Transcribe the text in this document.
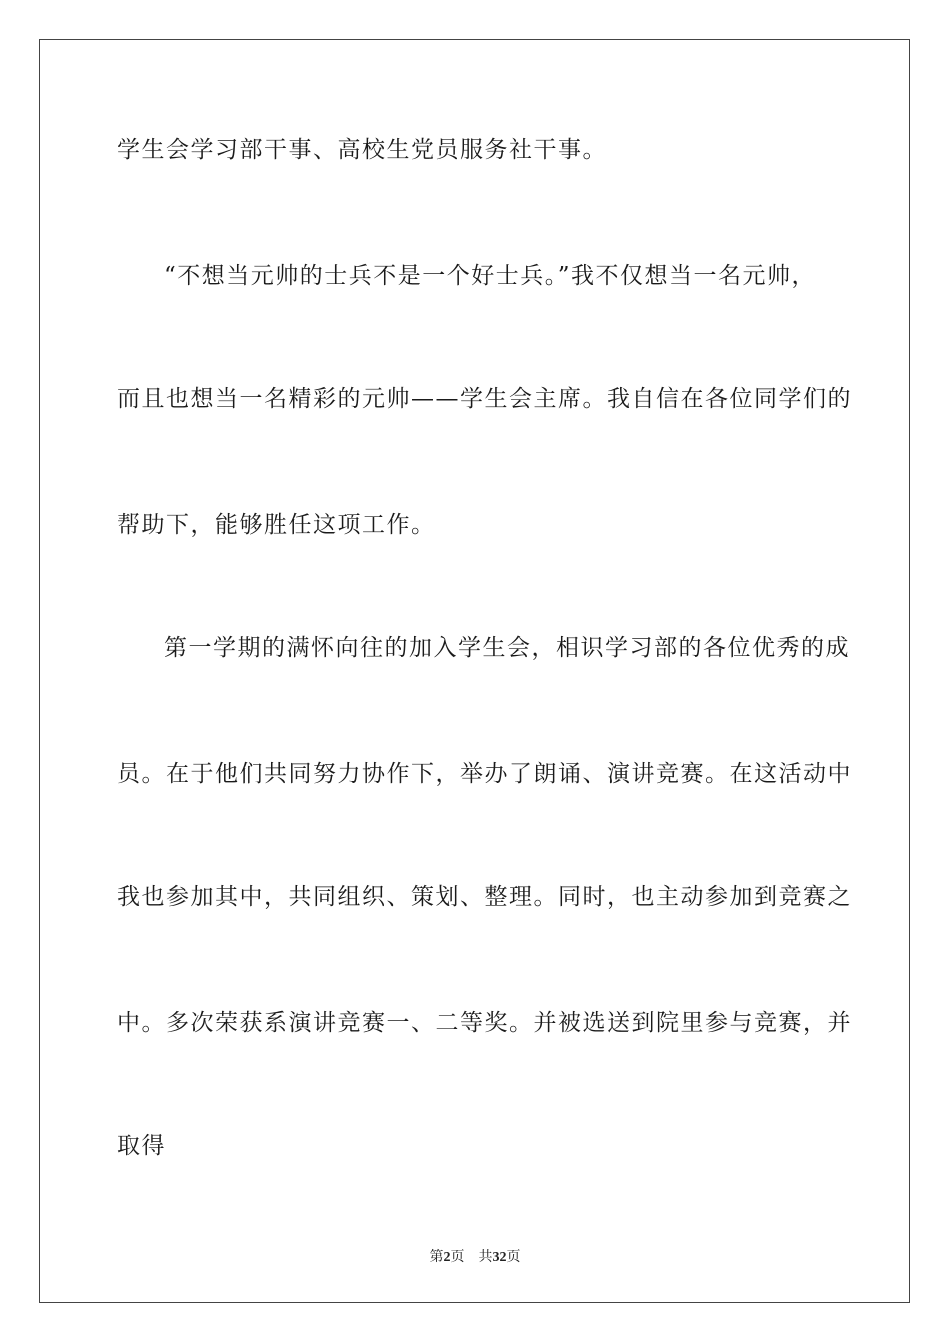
学生会学习部干事、高校生党员服务社干事。
“不想当元帅的士兵不是一个好士兵。”我不仅想当一名元帅，
而且也想当一名精彩的元帅——学生会主席。我自信在各位同学们的
帮助下，能够胜任这项工作。
第一学期的满怀向往的加入学生会，相识学习部的各位优秀的成
员。在于他们共同努力协作下，举办了朗诵、演讲竞赛。在这活动中
我也参加其中，共同组织、策划、整理。同时，也主动参加到竞赛之
中。多次荣获系演讲竞赛一、二等奖。并被选送到院里参与竞赛，并
取得
第2页 共32页
